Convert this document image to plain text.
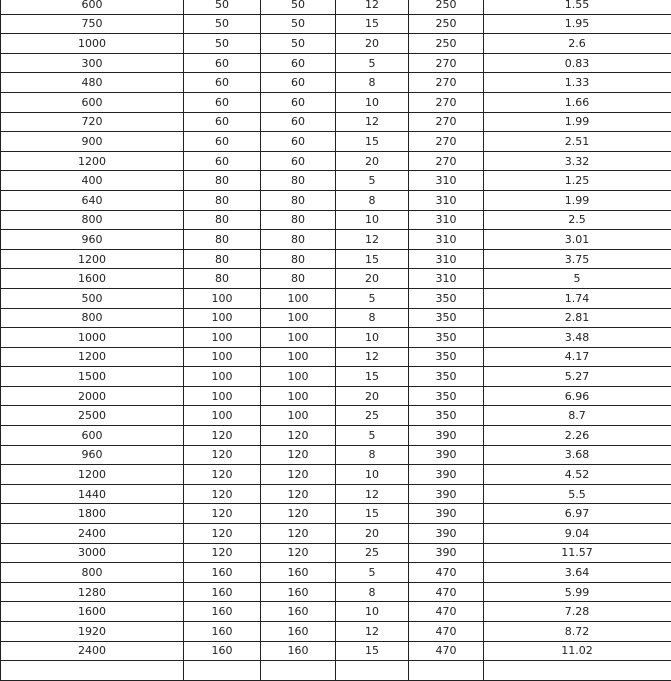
600	50	50	12	250	1.55
750	50	50	15	250	1.95
1000	50	50	20	250	2.6
300	60	60	5	270	0.83
480	60	60	8	270	1.33
600	60	60	10	270	1.66
720	60	60	12	270	1.99
900	60	60	15	270	2.51
1200	60	60	20	270	3.32
400	80	80	5	310	1.25
640	80	80	8	310	1.99
800	80	80	10	310	2.5
960	80	80	12	310	3.01
1200	80	80	15	310	3.75
1600	80	80	20	310	5
500	100	100	5	350	1.74
800	100	100	8	350	2.81
1000	100	100	10	350	3.48
1200	100	100	12	350	4.17
1500	100	100	15	350	5.27
2000	100	100	20	350	6.96
2500	100	100	25	350	8.7
600	120	120	5	390	2.26
960	120	120	8	390	3.68
1200	120	120	10	390	4.52
1440	120	120	12	390	5.5
1800	120	120	15	390	6.97
2400	120	120	20	390	9.04
3000	120	120	25	390	11.57
800	160	160	5	470	3.64
1280	160	160	8	470	5.99
1600	160	160	10	470	7.28
1920	160	160	12	470	8.72
2400	160	160	15	470	11.02
